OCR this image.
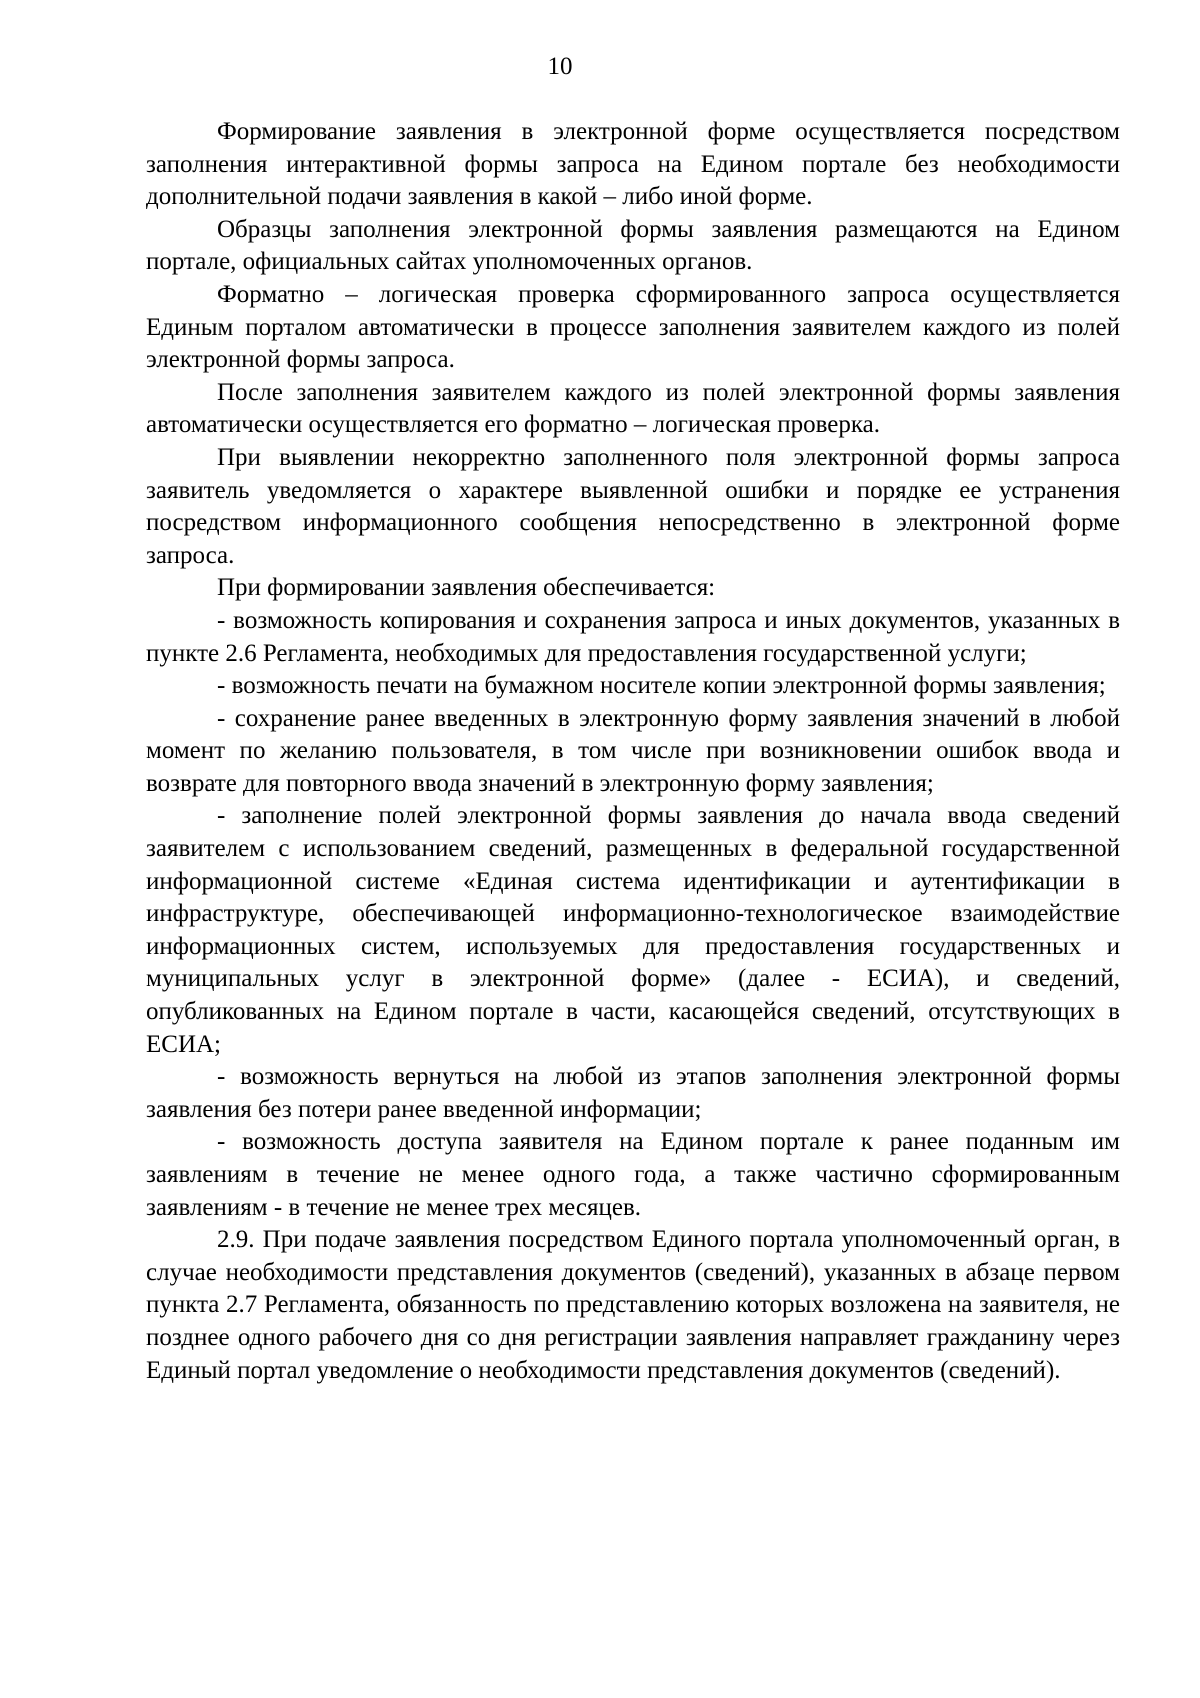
10

Формирование заявления в электронной форме осуществляется посредством заполнения интерактивной формы запроса на Едином портале без необходимости дополнительной подачи заявления в какой – либо иной форме.

Образцы заполнения электронной формы заявления размещаются на Едином портале, официальных сайтах уполномоченных органов.

Форматно – логическая проверка сформированного запроса осуществляется Единым порталом автоматически в процессе заполнения заявителем каждого из полей электронной формы запроса.

После заполнения заявителем каждого из полей электронной формы заявления автоматически осуществляется его форматно – логическая проверка.

При выявлении некорректно заполненного поля электронной формы запроса заявитель уведомляется о характере выявленной ошибки и порядке ее устранения посредством информационного сообщения непосредственно в электронной форме запроса.

При формировании заявления обеспечивается:

- возможность копирования и сохранения запроса и иных документов, указанных в пункте 2.6 Регламента, необходимых для предоставления государственной услуги;

- возможность печати на бумажном носителе копии электронной формы заявления;

- сохранение ранее введенных в электронную форму заявления значений в любой момент по желанию пользователя, в том числе при возникновении ошибок ввода и возврате для повторного ввода значений в электронную форму заявления;

- заполнение полей электронной формы заявления до начала ввода сведений заявителем с использованием сведений, размещенных в федеральной государственной информационной системе «Единая система идентификации и аутентификации в инфраструктуре, обеспечивающей информационно-технологическое взаимодействие информационных систем, используемых для предоставления государственных и муниципальных услуг в электронной форме» (далее - ЕСИА), и сведений, опубликованных на Едином портале в части, касающейся сведений, отсутствующих в ЕСИА;

- возможность вернуться на любой из этапов заполнения электронной формы заявления без потери ранее введенной информации;

- возможность доступа заявителя на Едином портале к ранее поданным им заявлениям в течение не менее одного года, а также частично сформированным заявлениям - в течение не менее трех месяцев.

2.9. При подаче заявления посредством Единого портала уполномоченный орган, в случае необходимости представления документов (сведений), указанных в абзаце первом пункта 2.7 Регламента, обязанность по представлению которых возложена на заявителя, не позднее одного рабочего дня со дня регистрации заявления направляет гражданину через Единый портал уведомление о необходимости представления документов (сведений).
